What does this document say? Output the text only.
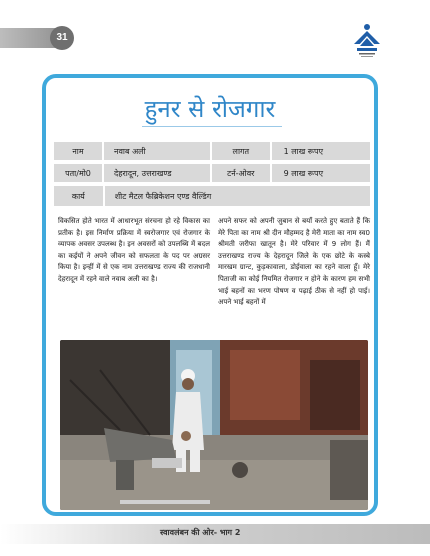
31
हुनर से रोजगार
नाम	नवाब अली	लागत	1 लाख रूपए
पता/मो0	देहरादून, उत्तराखण्ड	टर्न-ओवर	9 लाख रूपए
कार्य	शीट मैटल फैब्रिकेशन एण्ड वैल्डिंग
विकसित होते भारत में आधारभूत संरचना हो रहे विकास का प्रतीक है। इस निर्माण प्रक्रिया में स्वरोजगार एवं रोजगार के व्यापक अवसर उपलब्ध है। इन अवसरों को उपलब्धि में बदल का कईयों ने अपने जीवन को सफलता के पद पर अग्रसर किया है। इन्हीं में से एक नाम उत्तराखण्ड राज्य की राजधानी देहरादून में रहने वाले नवाब अली का है।
अपने सफर को अपनी जुबान से बयाँ करते हुए बताते हैं कि मेरे पिता का नाम श्री दीन मौहम्मद है मेरी माता का नाम स्व0 श्रीमती जरीफा खातून है। मेरे परिवार में 9 लोग हैं। मैं उत्तराखण्ड राज्य के देहरादून जिले के एक छोटे के कस्बे मारखम ग्रान्ट, कुड़कावाला, डोईवाला का रहने वाला हूँ। मेरे पिताजी का कोई नियमित रोजगार न होने के कारण हम सभी भाई बहनों का भरण पोषण व पढ़ाई ठीक से नहीं हो पाई। अपने भाई बहनों में
स्वावलंबन की ओर- भाग 2
